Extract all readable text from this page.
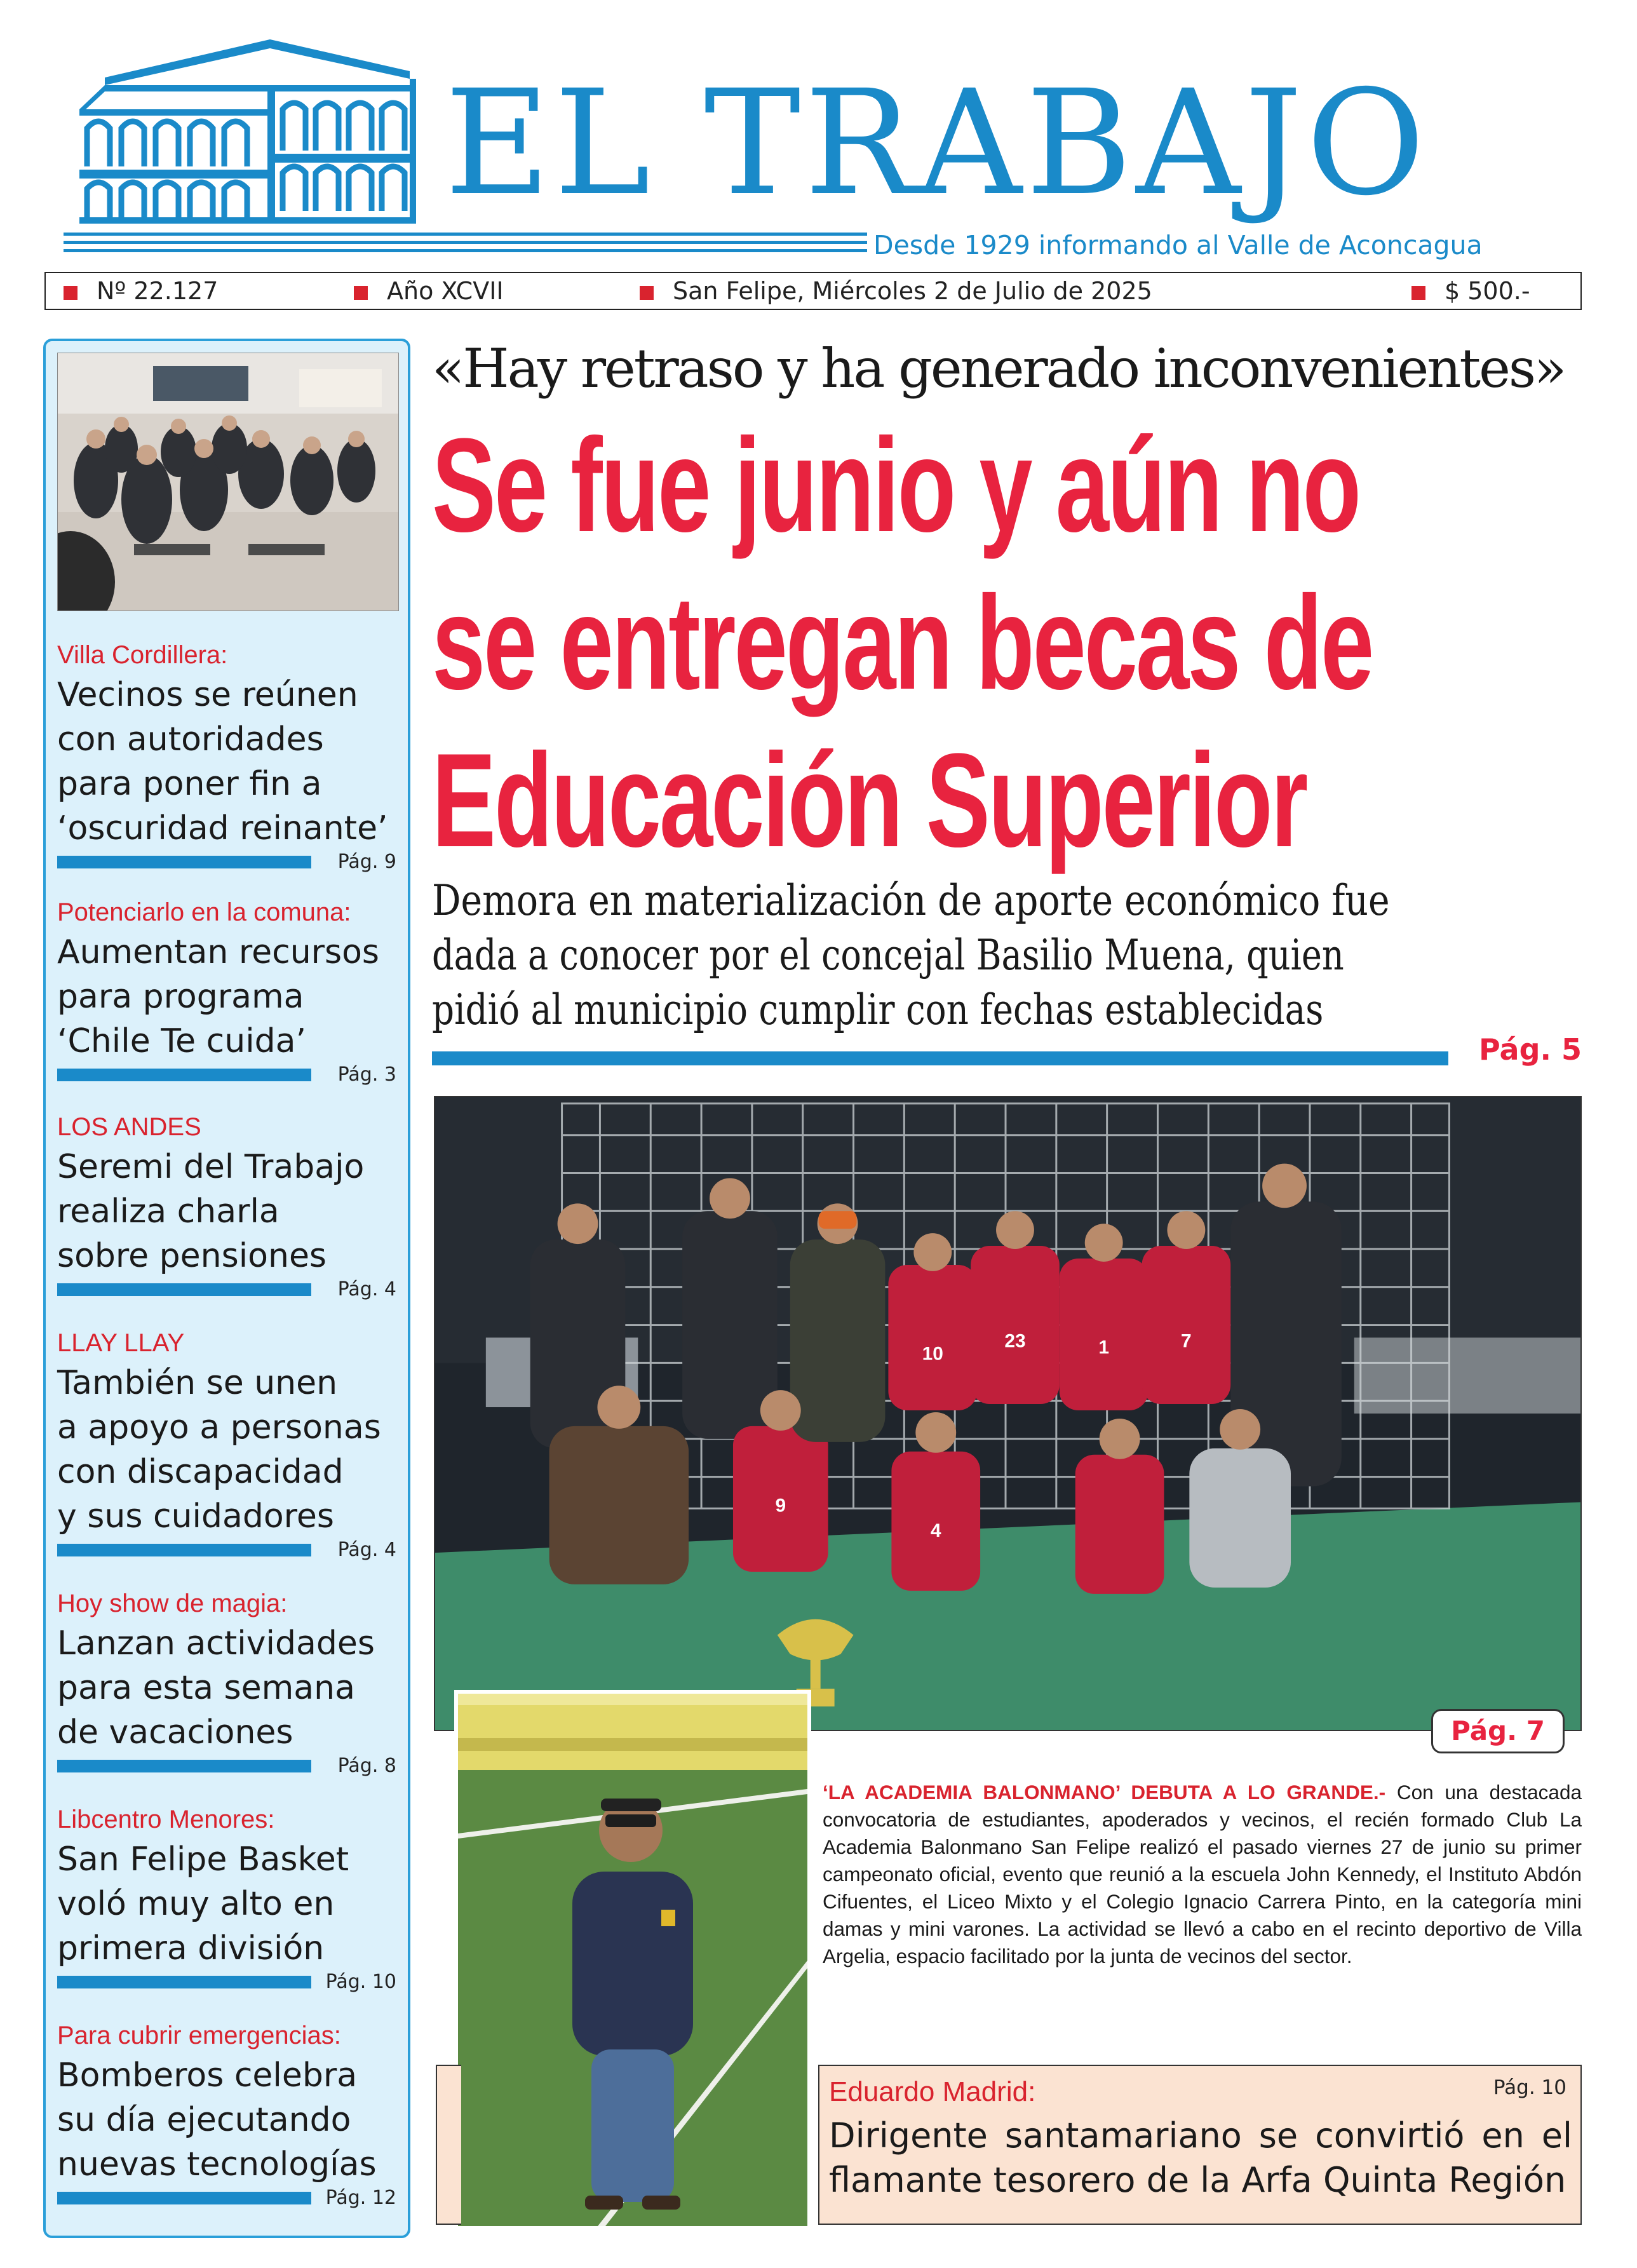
EL TRABAJO
Desde 1929 informando al Valle de Aconcagua
Nº 22.127	Año XCVII	San Felipe, Miércoles 2 de Julio de 2025	$ 500.-
Villa Cordillera:
Vecinos se reúnen
con autoridades
para poner fin a
‘oscuridad reinante’
Pág. 9
Potenciarlo en la comuna:
Aumentan recursos
para programa
‘Chile Te cuida’
Pág. 3
LOS ANDES
Seremi del Trabajo
realiza charla
sobre pensiones
Pág. 4
LLAY LLAY
También se unen
a apoyo a personas
con discapacidad
y sus cuidadores
Pág. 4
Hoy show de magia:
Lanzan actividades
para esta semana
de vacaciones
Pág. 8
Libcentro Menores:
San Felipe Basket
voló muy alto en
primera división
Pág. 10
Para cubrir emergencias:
Bomberos celebra
su día ejecutando
nuevas tecnologías
Pág. 12
«Hay retraso y ha generado inconvenientes»
Se fue junio y aún no
se entregan becas de
Educación Superior
Demora en materialización de aporte económico fue
dada a conocer por el concejal Basilio Muena, quien
pidió al municipio cumplir con fechas establecidas
Pág. 5
10
23	1	7
9
4
Pág. 7
‘LA ACADEMIA BALONMANO’ DEBUTA A LO GRANDE.- Con una destacada convocatoria de estudiantes, apoderados y vecinos, el recién formado Club La Academia Balonmano San Felipe realizó el pasado viernes 27 de junio su primer campeonato oficial, evento que reunió a la escuela John Kennedy, el Instituto Abdón Cifuentes, el Liceo Mixto y el Colegio Ignacio Carrera Pinto, en la categoría mini damas y mini varones. La actividad se llevó a cabo en el recinto deportivo de Villa Argelia, espacio facilitado por la junta de vecinos del sector.
Eduardo Madrid:	Pág. 10
Dirigente santamariano se convirtió en el flamante tesorero de la Arfa Quinta Región
